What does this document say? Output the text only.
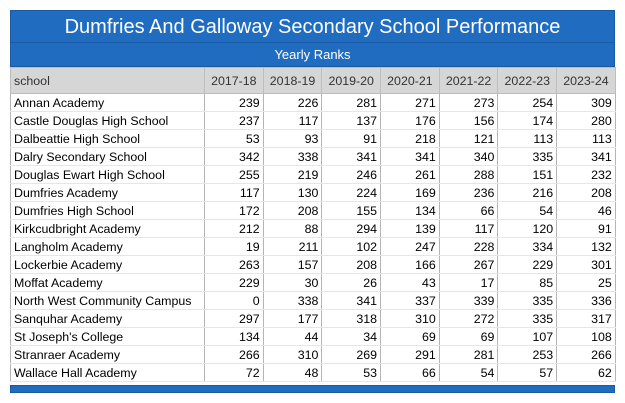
Dumfries And Galloway Secondary School Performance
Yearly Ranks
school	2017-18	2018-19	2019-20	2020-21	2021-22	2022-23	2023-24
Annan Academy	239	226	281	271	273	254	309
Castle Douglas High School	237	117	137	176	156	174	280
Dalbeattie High School	53	93	91	218	121	113	113
Dalry Secondary School	342	338	341	341	340	335	341
Douglas Ewart High School	255	219	246	261	288	151	232
Dumfries Academy	117	130	224	169	236	216	208
Dumfries High School	172	208	155	134	66	54	46
Kirkcudbright Academy	212	88	294	139	117	120	91
Langholm Academy	19	211	102	247	228	334	132
Lockerbie Academy	263	157	208	166	267	229	301
Moffat Academy	229	30	26	43	17	85	25
North West Community Campus	0	338	341	337	339	335	336
Sanquhar Academy	297	177	318	310	272	335	317
St Joseph's College	134	44	34	69	69	107	108
Stranraer Academy	266	310	269	291	281	253	266
Wallace Hall Academy	72	48	53	66	54	57	62
